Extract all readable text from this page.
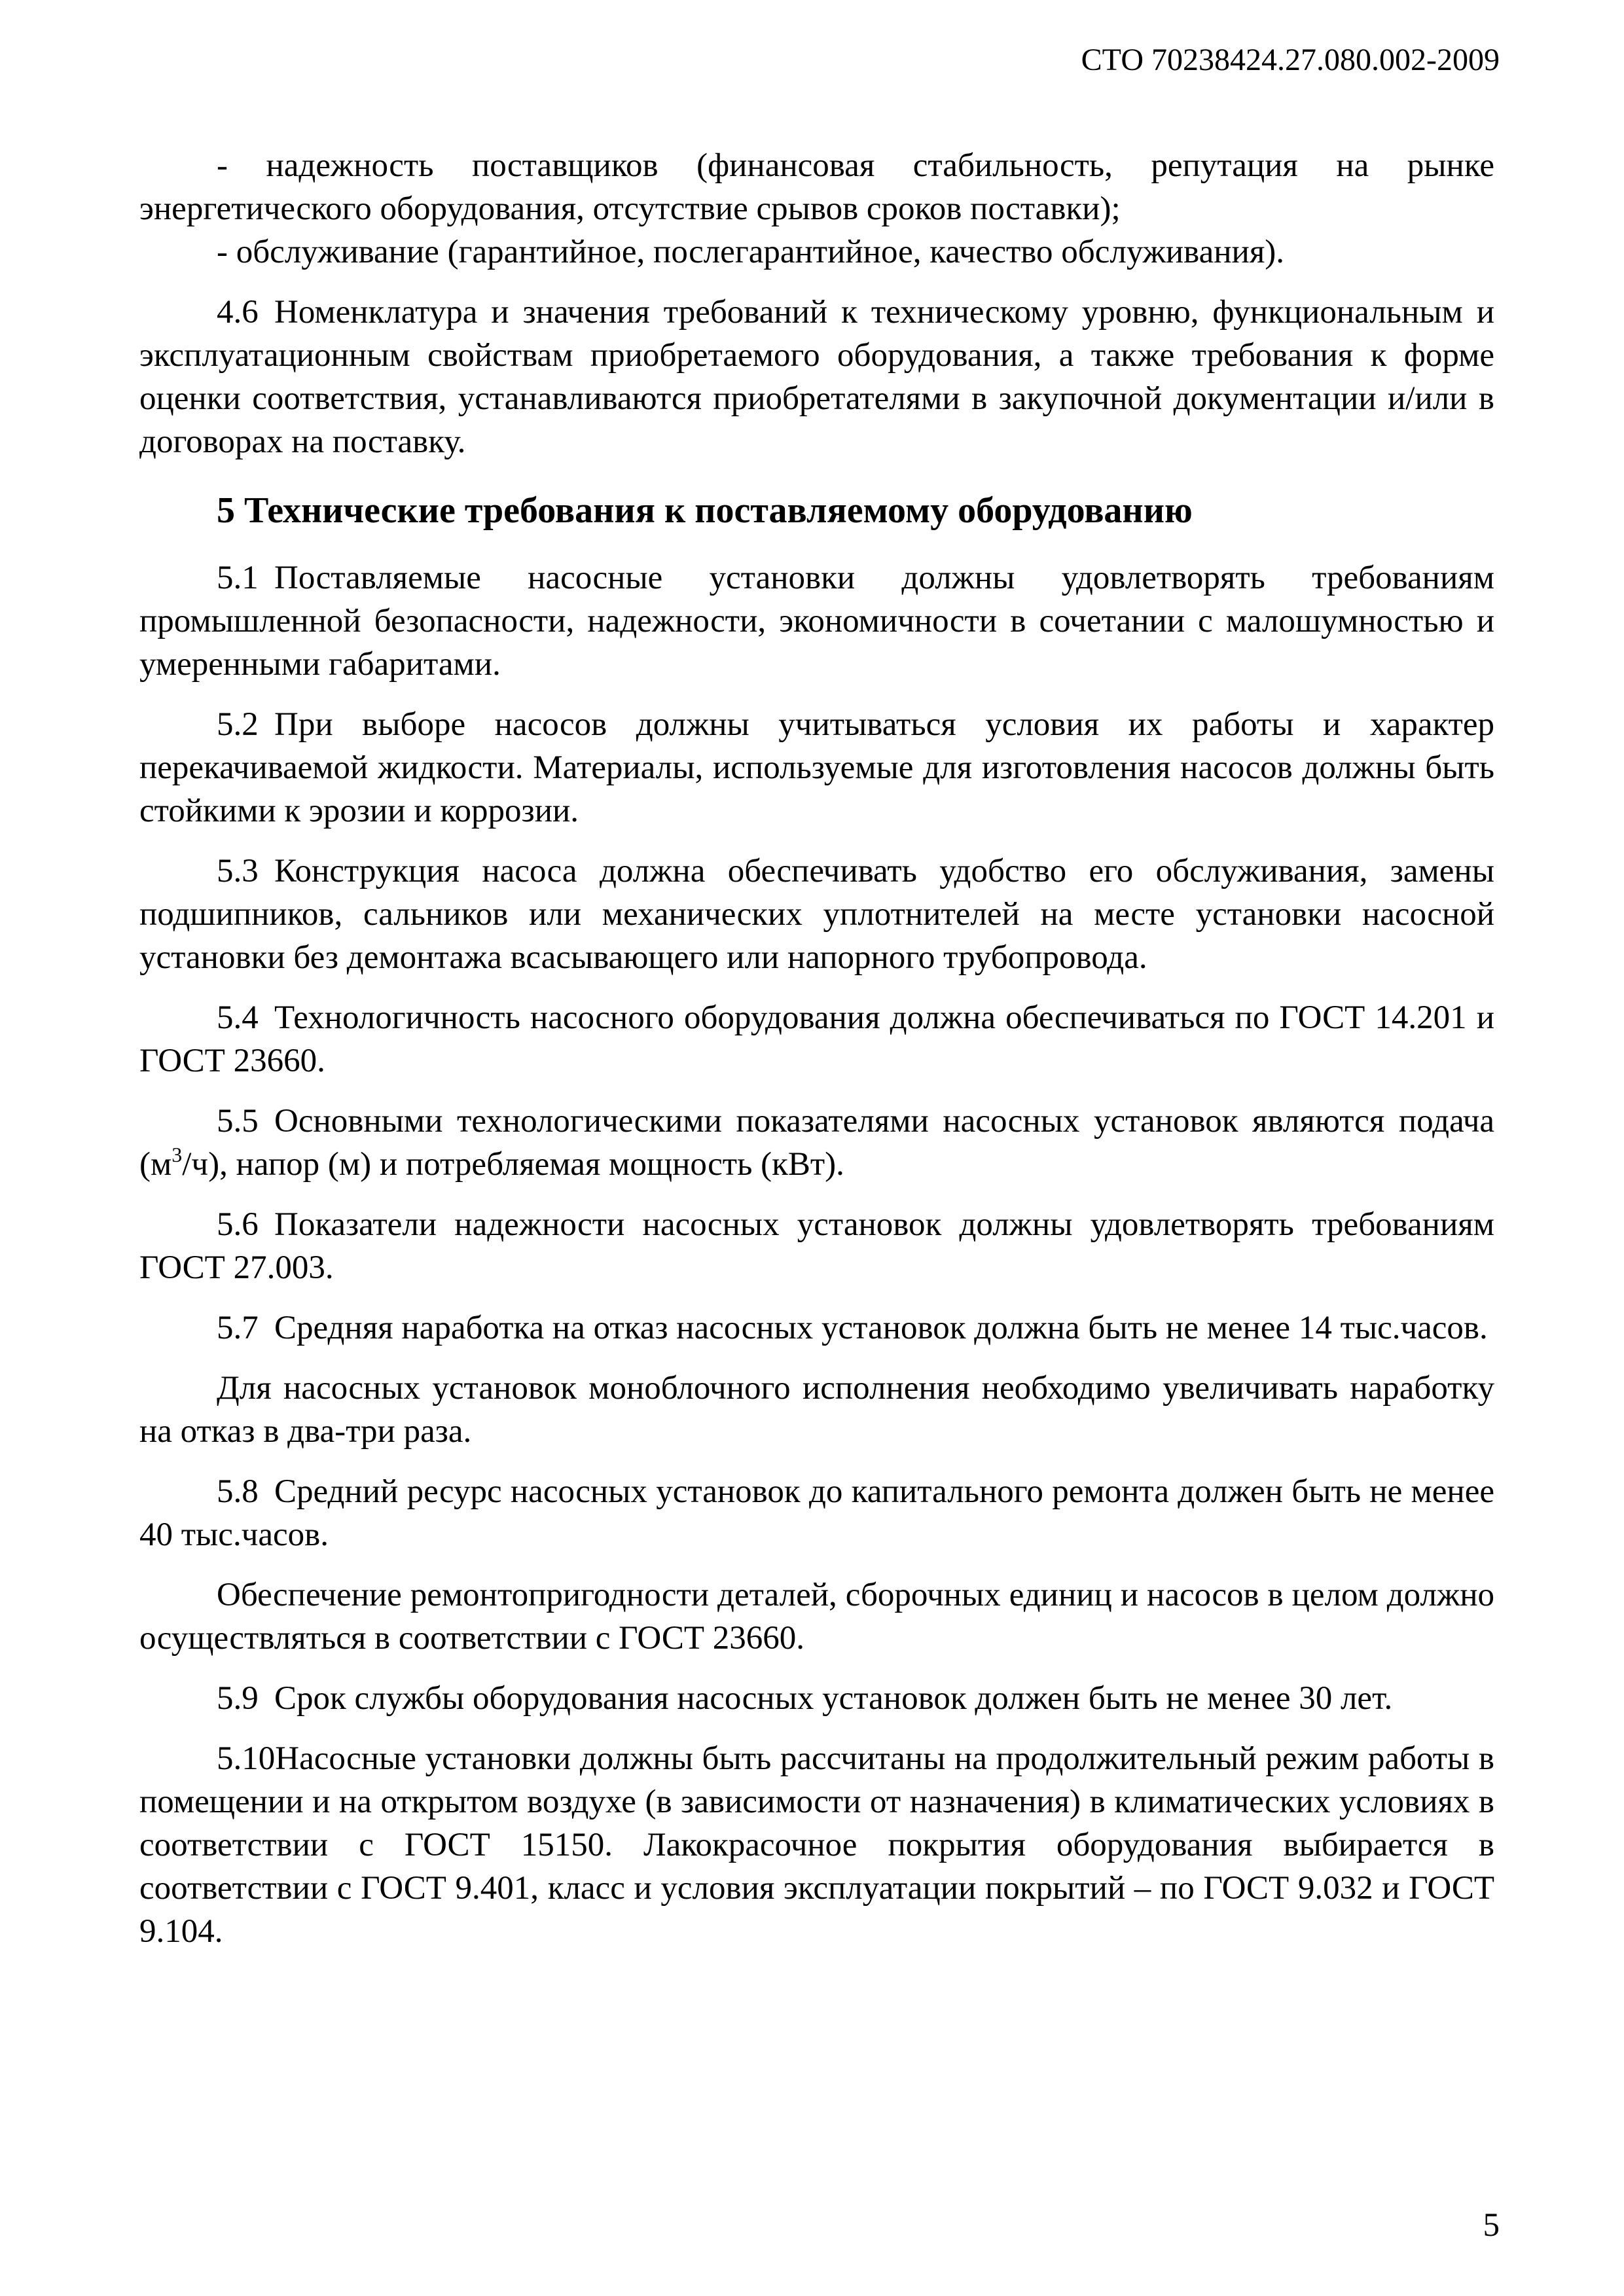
СТО 70238424.27.080.002-2009

- надежность поставщиков (финансовая стабильность, репутация на рынке энергетического оборудования, отсутствие срывов сроков поставки);

- обслуживание (гарантийное, послегарантийное, качество обслуживания).

4.6 Номенклатура и значения требований к техническому уровню, функциональным и эксплуатационным свойствам приобретаемого оборудования, а также требования к форме оценки соответствия, устанавливаются приобретателями в закупочной документации и/или в договорах на поставку.

5 Технические требования к поставляемому оборудованию

5.1 Поставляемые насосные установки должны удовлетворять требованиям промышленной безопасности, надежности, экономичности в сочетании с малошумностью и умеренными габаритами.

5.2 При выборе насосов должны учитываться условия их работы и характер перекачиваемой жидкости. Материалы, используемые для изготовления насосов должны быть стойкими к эрозии и коррозии.

5.3 Конструкция насоса должна обеспечивать удобство его обслуживания, замены подшипников, сальников или механических уплотнителей на месте установки насосной установки без демонтажа всасывающего или напорного трубопровода.

5.4 Технологичность насосного оборудования должна обеспечиваться по ГОСТ 14.201 и ГОСТ 23660.

5.5 Основными технологическими показателями насосных установок являются подача $(м^3/ч)$, напор (м) и потребляемая мощность (кВт).

5.6 Показатели надежности насосных установок должны удовлетворять требованиям ГОСТ 27.003.

5.7 Средняя наработка на отказ насосных установок должна быть не менее 14 тыс.часов.

Для насосных установок моноблочного исполнения необходимо увеличивать наработку на отказ в два-три раза.

5.8 Средний ресурс насосных установок до капитального ремонта должен быть не менее 40 тыс.часов.

Обеспечение ремонтопригодности деталей, сборочных единиц и насосов в целом должно осуществляться в соответствии с ГОСТ 23660.

5.9 Срок службы оборудования насосных установок должен быть не менее 30 лет.

5.10Насосные установки должны быть рассчитаны на продолжительный режим работы в помещении и на открытом воздухе (в зависимости от назначения) в климатических условиях в соответствии с ГОСТ 15150. Лакокрасочное покрытия оборудования выбирается в соответствии с ГОСТ 9.401, класс и условия эксплуатации покрытий – по ГОСТ 9.032 и ГОСТ 9.104.

5
